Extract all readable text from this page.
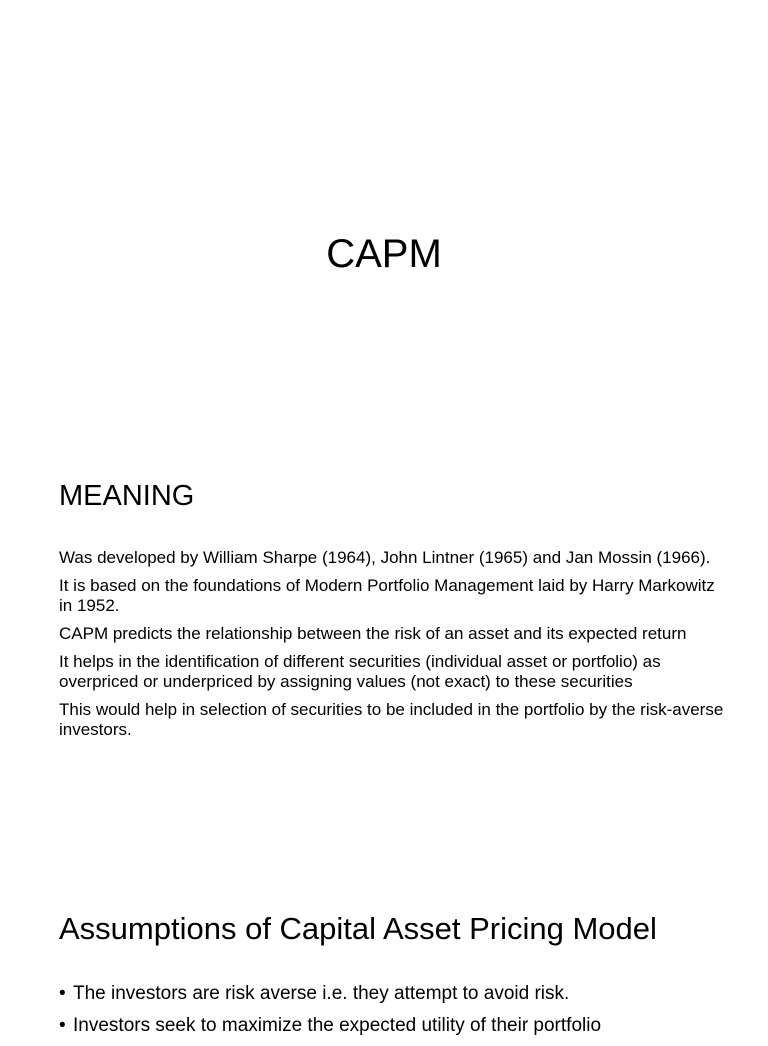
CAPM
MEANING
Was developed by William Sharpe (1964), John Lintner (1965) and Jan Mossin (1966).
It is based on the foundations of Modern Portfolio Management laid by Harry Markowitz in 1952.
CAPM predicts the relationship between the risk of an asset and its expected return
It helps in the identification of different securities (individual asset or portfolio) as overpriced or underpriced by assigning values (not exact) to these securities
This would help in selection of securities to be included in the portfolio by the risk-averse investors.
Assumptions of Capital Asset Pricing Model
• The investors are risk averse i.e. they attempt to avoid risk.
• Investors seek to maximize the expected utility of their portfolio
